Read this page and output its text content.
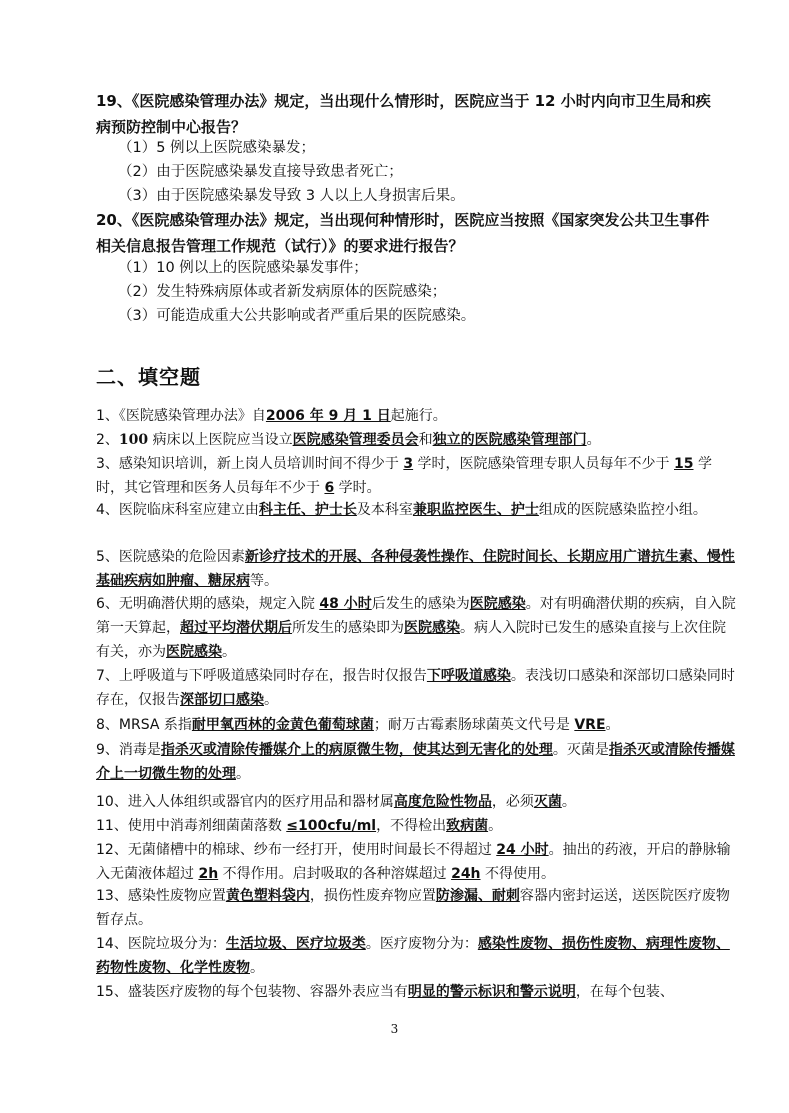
19、《医院感染管理办法》规定，当出现什么情形时，医院应当于 12 小时内向市卫生局和疾
病预防控制中心报告？
（1）5 例以上医院感染暴发；
（2）由于医院感染暴发直接导致患者死亡；
（3）由于医院感染暴发导致 3 人以上人身损害后果。
20、《医院感染管理办法》规定，当出现何种情形时，医院应当按照《国家突发公共卫生事件
相关信息报告管理工作规范（试行）》的要求进行报告？
（1）10 例以上的医院感染暴发事件；
（2）发生特殊病原体或者新发病原体的医院感染；
（3）可能造成重大公共影响或者严重后果的医院感染。
二、填空题
1、《医院感染管理办法》自2006 年 9 月 1 日起施行。
2、100 病床以上医院应当设立医院感染管理委员会和独立的医院感染管理部门。
3、感染知识培训，新上岗人员培训时间不得少于 3 学时，医院感染管理专职人员每年不少于 15 学时，其它管理和医务人员每年不少于 6 学时。
4、医院临床科室应建立由科主任、护士长及本科室兼职监控医生、护士组成的医院感染监控小组。
5、医院感染的危险因素新诊疗技术的开展、各种侵袭性操作、住院时间长、长期应用广谱抗生素、慢性基础疾病如肿瘤、糖尿病等。
6、无明确潜伏期的感染，规定入院 48 小时后发生的感染为医院感染。对有明确潜伏期的疾病，自入院第一天算起，超过平均潜伏期后所发生的感染即为医院感染。病人入院时已发生的感染直接与上次住院有关，亦为医院感染。
7、上呼吸道与下呼吸道感染同时存在，报告时仅报告下呼吸道感染。表浅切口感染和深部切口感染同时存在，仅报告深部切口感染。
8、MRSA 系指耐甲氧西林的金黄色葡萄球菌；耐万古霉素肠球菌英文代号是 VRE。
9、消毒是指杀灭或清除传播媒介上的病原微生物，使其达到无害化的处理。灭菌是指杀灭或清除传播媒介上一切微生物的处理。
10、进入人体组织或器官内的医疗用品和器材属高度危险性物品，必须灭菌。
11、使用中消毒剂细菌菌落数 ≤100cfu/ml，不得检出致病菌。
12、无菌储槽中的棉球、纱布一经打开，使用时间最长不得超过 24 小时。抽出的药液，开启的静脉输入无菌液体超过 2h 不得作用。启封吸取的各种溶媒超过 24h 不得使用。
13、感染性废物应置黄色塑料袋内，损伤性废弃物应置防渗漏、耐刺容器内密封运送，送医院医疗废物暂存点。
14、医院垃圾分为：生活垃圾、医疗垃圾类。医疗废物分为：感染性废物、损伤性废物、病理性废物、药物性废物、化学性废物。
15、盛装医疗废物的每个包装物、容器外表应当有明显的警示标识和警示说明，在每个包装、
3
